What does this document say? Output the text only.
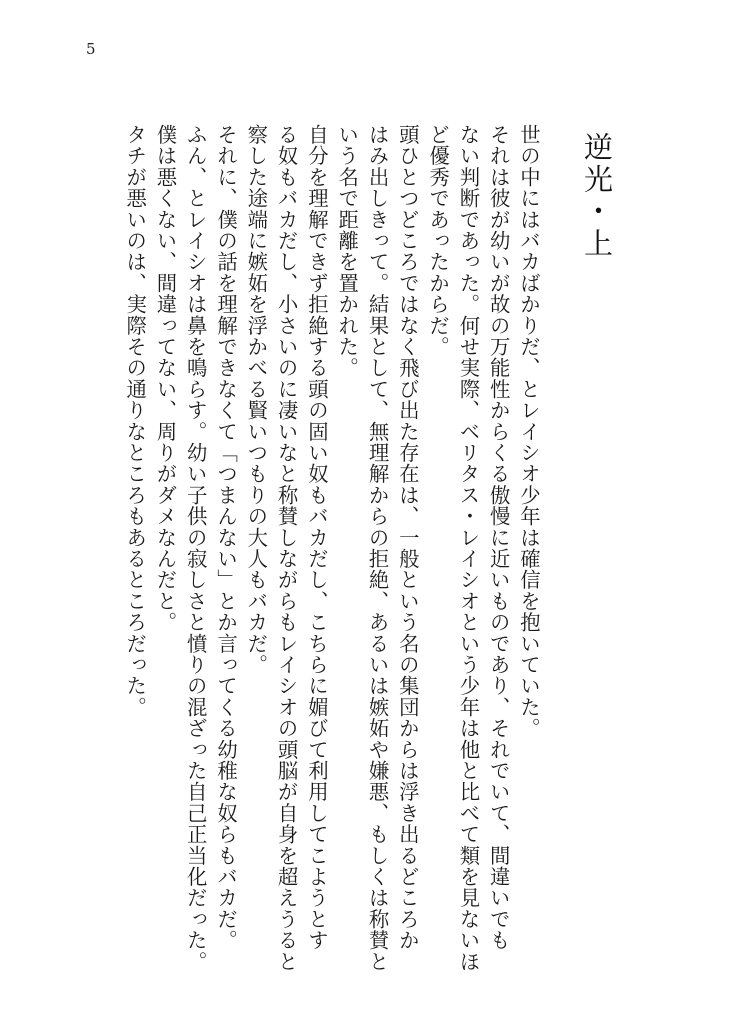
5
逆光・上
世の中にはバカばかりだ、とレイシオ少年は確信を抱いていた。
それは彼が幼いが故の万能性からくる傲慢に近いものであり、それでいて、間違いでも
ない判断であった。何せ実際、ベリタス・レイシオという少年は他と比べて類を見ないほ
ど優秀であったからだ。
頭ひとつどころではなく飛び出た存在は、一般という名の集団からは浮き出るどころか
はみ出しきって。結果として、無理解からの拒絶、あるいは嫉妬や嫌悪、もしくは称賛と
いう名で距離を置かれた。
自分を理解できず拒絶する頭の固い奴もバカだし、こちらに媚びて利用してこようとす
る奴もバカだし、小さいのに凄いなと称賛しながらもレイシオの頭脳が自身を超えうると
察した途端に嫉妬を浮かべる賢いつもりの大人もバカだ。
それに、僕の話を理解できなくて「つまんない」とか言ってくる幼稚な奴らもバカだ。
ふん、とレイシオは鼻を鳴らす。幼い子供の寂しさと憤りの混ざった自己正当化だった。
僕は悪くない、間違ってない、周りがダメなんだと。
タチが悪いのは、実際その通りなところもあるところだった。
